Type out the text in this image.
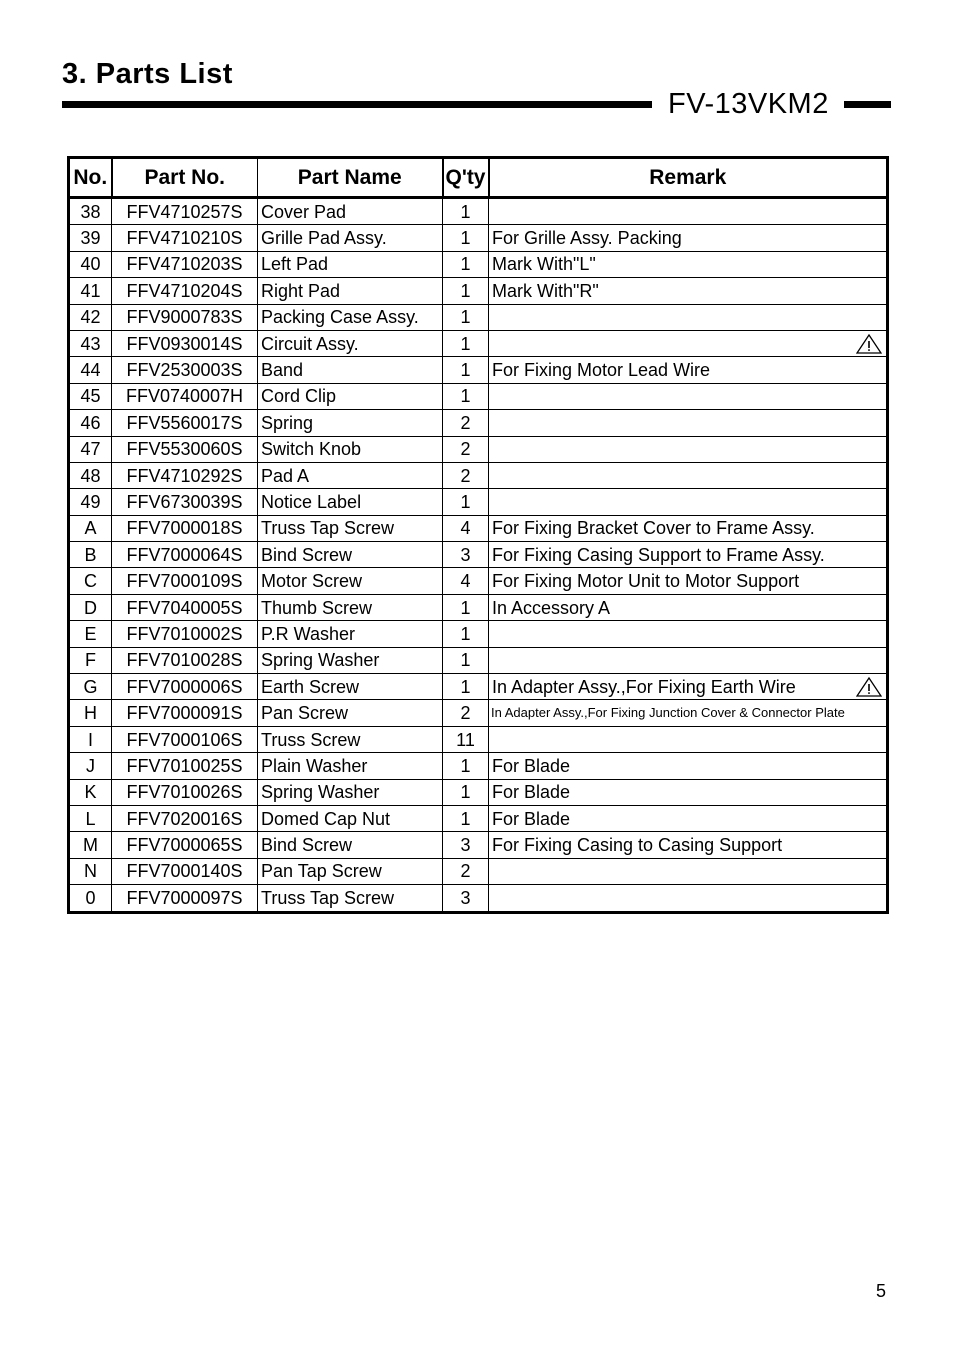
3. Parts List
FV-13VKM2
No.	Part No.	Part Name	Q'ty	Remark
38	FFV4710257S	Cover Pad	1	
39	FFV4710210S	Grille Pad Assy.	1	For Grille Assy. Packing
40	FFV4710203S	Left Pad	1	Mark With"L"
41	FFV4710204S	Right Pad	1	Mark With"R"
42	FFV9000783S	Packing Case Assy.	1	
43	FFV0930014S	Circuit Assy.	1	

44	FFV2530003S	Band	1	For Fixing Motor Lead Wire
45	FFV0740007H	Cord Clip	1	
46	FFV5560017S	Spring	2	
47	FFV5530060S	Switch Knob	2	
48	FFV4710292S	Pad A	2	
49	FFV6730039S	Notice Label	1	
A	FFV7000018S	Truss Tap Screw	4	For Fixing Bracket Cover to Frame Assy.
B	FFV7000064S	Bind Screw	3	For Fixing Casing Support to Frame Assy.
C	FFV7000109S	Motor Screw	4	For Fixing Motor Unit to Motor Support
D	FFV7040005S	Thumb Screw	1	In Accessory A
E	FFV7010002S	P.R Washer	1	
F	FFV7010028S	Spring Washer	1	
G	FFV7000006S	Earth Screw	1	In Adapter Assy.,For Fixing Earth Wire

H	FFV7000091S	Pan Screw	2	In Adapter Assy.,For Fixing Junction Cover & Connector Plate
I	FFV7000106S	Truss Screw	11	
J	FFV7010025S	Plain Washer	1	For Blade
K	FFV7010026S	Spring Washer	1	For Blade
L	FFV7020016S	Domed Cap Nut	1	For Blade
M	FFV7000065S	Bind Screw	3	For Fixing Casing to Casing Support
N	FFV7000140S	Pan Tap Screw	2	
0	FFV7000097S	Truss Tap Screw	3	
5
